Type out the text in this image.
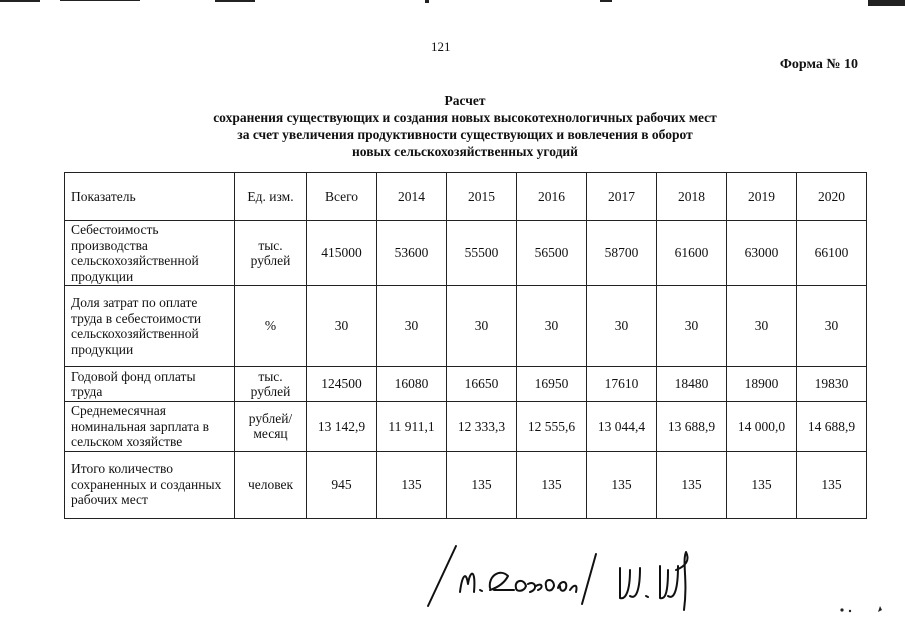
121
Форма № 10
Расчет
сохранения существующих и создания новых высокотехнологичных рабочих мест
за счет увеличения продуктивности существующих и вовлечения в оборот
новых сельскохозяйственных угодий
Показатель	Ед. изм.	Всего	2014	2015	2016	2017	2018	2019	2020
Себестоимость производства сельскохозяйственной продукции	тыс. рублей	415000	53600	55500	56500	58700	61600	63000	66100
Доля затрат по оплате труда в себестоимости сельскохозяйственной продукции	%	30	30	30	30	30	30	30	30
Годовой фонд оплаты труда	тыс. рублей	124500	16080	16650	16950	17610	18480	18900	19830
Среднемесячная номинальная зарплата в сельском хозяйстве	рублей/ месяц	13 142,9	11 911,1	12 333,3	12 555,6	13 044,4	13 688,9	14 000,0	14 688,9
Итого количество сохраненных и созданных рабочих мест	человек	945	135	135	135	135	135	135	135
